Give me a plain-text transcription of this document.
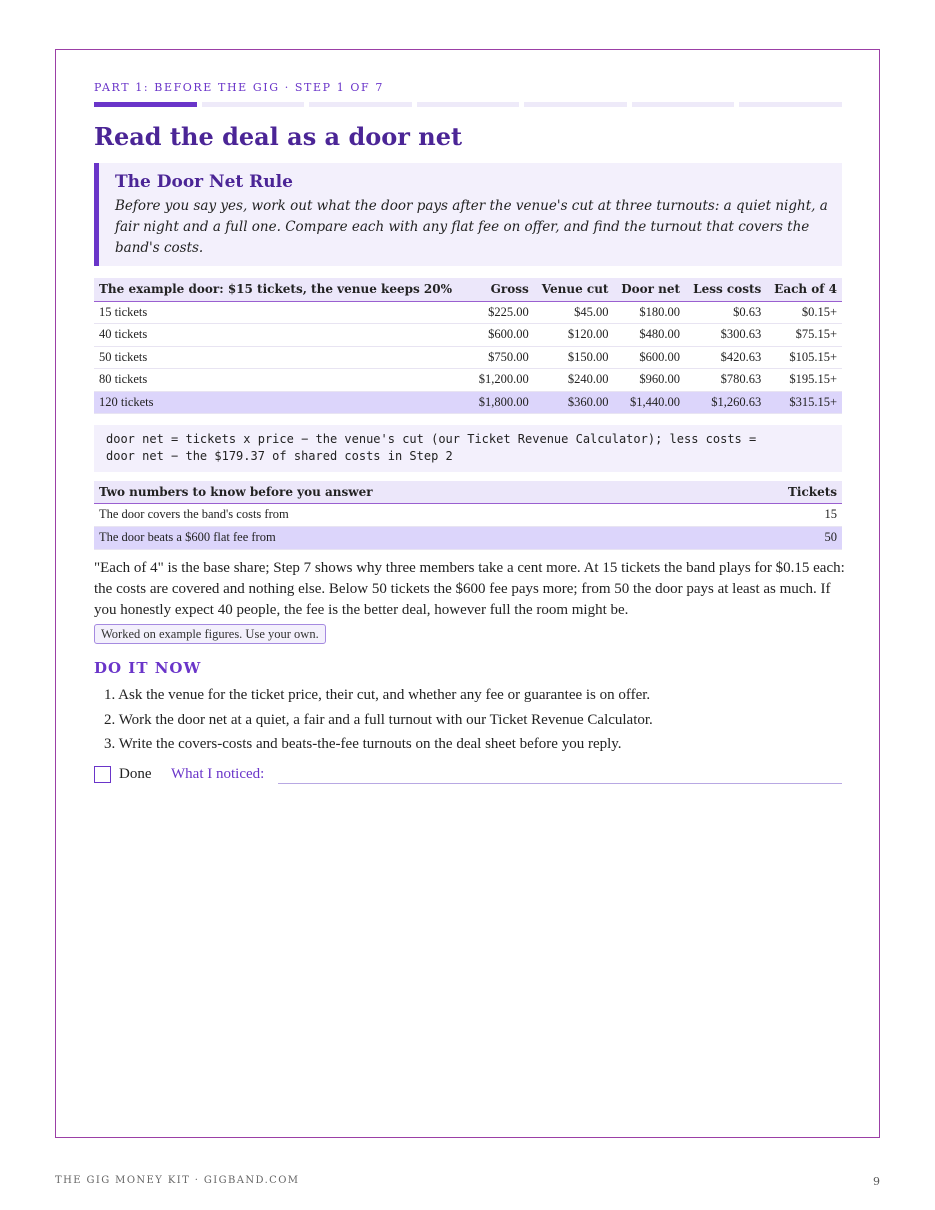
PART 1: BEFORE THE GIG · STEP 1 OF 7
Read the deal as a door net
The Door Net Rule
Before you say yes, work out what the door pays after the venue's cut at three turnouts: a quiet night, a fair night and a full one. Compare each with any flat fee on offer, and find the turnout that covers the band's costs.
The example door: $15 tickets, the venue keeps 20%	Gross	Venue cut	Door net	Less costs	Each of 4
15 tickets	$225.00	$45.00	$180.00	$0.63	$0.15+
40 tickets	$600.00	$120.00	$480.00	$300.63	$75.15+
50 tickets	$750.00	$150.00	$600.00	$420.63	$105.15+
80 tickets	$1,200.00	$240.00	$960.00	$780.63	$195.15+
120 tickets	$1,800.00	$360.00	$1,440.00	$1,260.63	$315.15+
door net = tickets x price − the venue's cut (our Ticket Revenue Calculator); less costs =
door net − the $179.37 of shared costs in Step 2
Two numbers to know before you answer	Tickets
The door covers the band's costs from	15
The door beats a $600 flat fee from	50

"Each of 4" is the base share; Step 7 shows why three members take a cent more. At 15 tickets the band plays for $0.15 each: the costs are covered and nothing else. Below 50 tickets the $600 fee pays more; from 50 the door pays at least as much. If you honestly expect 40 people, the fee is the better deal, however full the room might be.

Worked on example figures. Use your own.
DO IT NOW
1. Ask the venue for the ticket price, their cut, and whether any fee or guarantee is on offer.
2. Work the door net at a quiet, a fair and a full turnout with our Ticket Revenue Calculator.
3. Write the covers-costs and beats-the-fee turnouts on the deal sheet before you reply.
Done What I noticed:
THE GIG MONEY KIT · GIGBAND.COM	9
